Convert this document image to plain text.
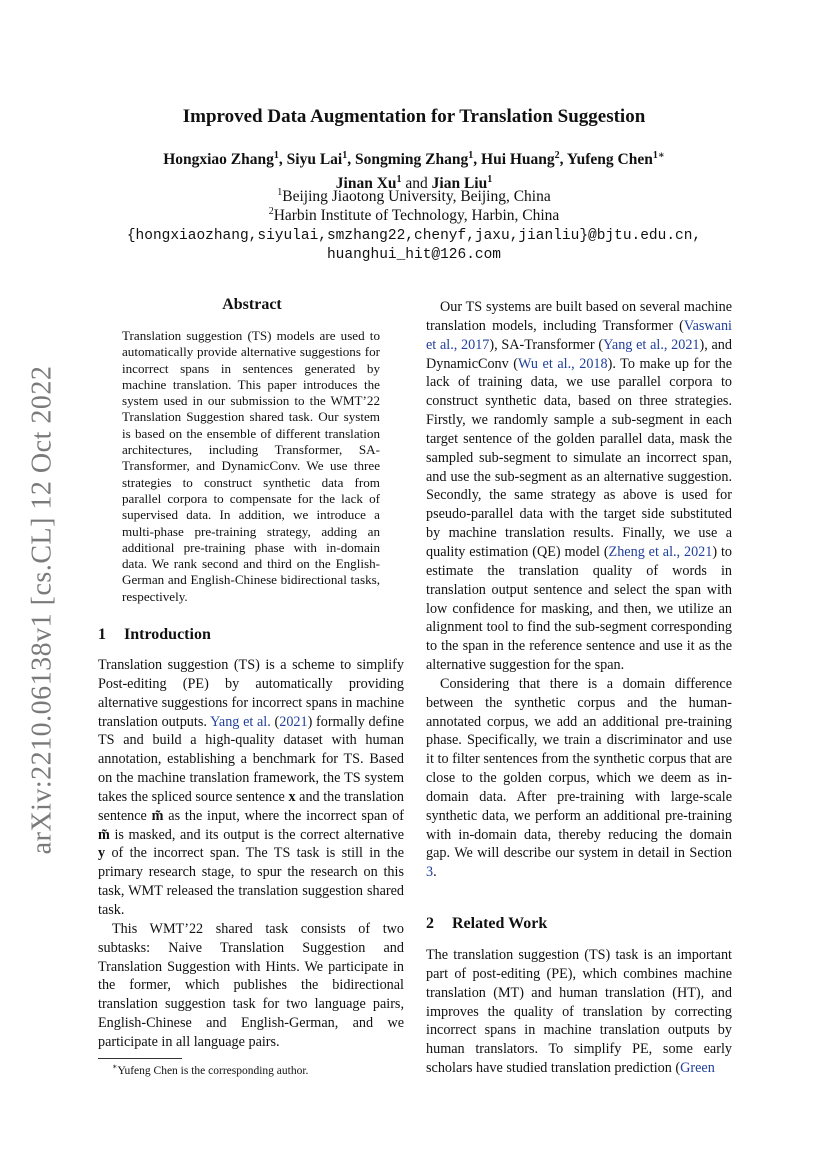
arXiv:2210.06138v1 [cs.CL] 12 Oct 2022
Improved Data Augmentation for Translation Suggestion
Hongxiao Zhang$^1$, Siyu Lai$^1$, Songming Zhang$^1$, Hui Huang$^2$, Yufeng Chen$^{1∗}$
Jinan Xu$^1$ and Jian Liu$^1$
$^1$Beijing Jiaotong University, Beijing, China
$^2$Harbin Institute of Technology, Harbin, China
{hongxiaozhang,siyulai,smzhang22,chenyf,jaxu,jianliu}@bjtu.edu.cn,
huanghui_hit@126.com
Abstract
Translation suggestion (TS) models are used to automatically provide alternative suggestions for incorrect spans in sentences generated by machine translation. This paper introduces the system used in our submission to the WMT’22 Translation Suggestion shared task. Our system is based on the ensemble of different translation architectures, including Transformer, SA-Transformer, and DynamicConv. We use three strategies to construct synthetic data from parallel corpora to compensate for the lack of supervised data. In addition, we introduce a multi-phase pre-training strategy, adding an additional pre-training phase with in-domain data. We rank second and third on the English-German and English-Chinese bidirectional tasks, respectively.
1 Introduction

Translation suggestion (TS) is a scheme to simplify Post-editing (PE) by automatically providing alternative suggestions for incorrect spans in machine translation outputs. Yang et al. (2021) formally define TS and build a high-quality dataset with human annotation, establishing a benchmark for TS. Based on the machine translation framework, the TS system takes the spliced source sentence x and the translation sentence m̃ as the input, where the incorrect span of m̃ is masked, and its output is the correct alternative y of the incorrect span. The TS task is still in the primary research stage, to spur the research on this task, WMT released the translation suggestion shared task.

This WMT’22 shared task consists of two subtasks: Naive Translation Suggestion and Translation Suggestion with Hints. We participate in the former, which publishes the bidirectional translation suggestion task for two language pairs, English-Chinese and English-German, and we participate in all language pairs.

∗Yufeng Chen is the corresponding author.

Our TS systems are built based on several machine translation models, including Transformer (Vaswani et al., 2017), SA-Transformer (Yang et al., 2021), and DynamicConv (Wu et al., 2018). To make up for the lack of training data, we use parallel corpora to construct synthetic data, based on three strategies. Firstly, we randomly sample a sub-segment in each target sentence of the golden parallel data, mask the sampled sub-segment to simulate an incorrect span, and use the sub-segment as an alternative suggestion. Secondly, the same strategy as above is used for pseudo-parallel data with the target side substituted by machine translation results. Finally, we use a quality estimation (QE) model (Zheng et al., 2021) to estimate the translation quality of words in translation output sentence and select the span with low confidence for masking, and then, we utilize an alignment tool to find the sub-segment corresponding to the span in the reference sentence and use it as the alternative suggestion for the span.

Considering that there is a domain difference between the synthetic corpus and the human-annotated corpus, we add an additional pre-training phase. Specifically, we train a discriminator and use it to filter sentences from the synthetic corpus that are close to the golden corpus, which we deem as in-domain data. After pre-training with large-scale synthetic data, we perform an additional pre-training with in-domain data, thereby reducing the domain gap. We will describe our system in detail in Section 3.

2 Related Work

The translation suggestion (TS) task is an important part of post-editing (PE), which combines machine translation (MT) and human translation (HT), and improves the quality of translation by correcting incorrect spans in machine translation outputs by human translators. To simplify PE, some early scholars have studied translation prediction (Green
